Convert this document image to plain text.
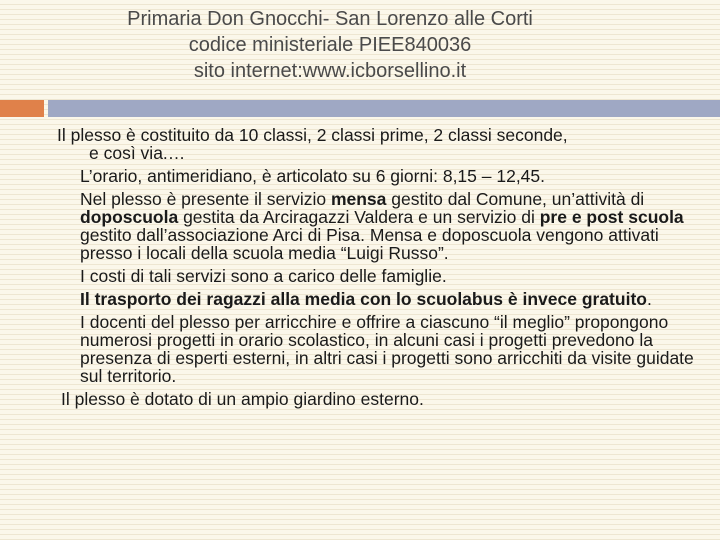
Primaria Don Gnocchi- San Lorenzo alle Corti
codice ministeriale PIEE840036
sito internet:www.icborsellino.it
Il plesso è costituito da 10 classi, 2 classi prime, 2 classi seconde,
e così via.…
L’orario, antimeridiano, è articolato su 6 giorni: 8,15 – 12,45.
Nel plesso è presente il servizio mensa gestito dal Comune, un’attività di doposcuola gestita da Arciragazzi Valdera e un servizio di pre e post scuola gestito dall’associazione Arci di Pisa. Mensa e doposcuola vengono attivati presso i locali della scuola media “Luigi Russo”.
I costi di tali servizi sono a carico delle famiglie.
Il trasporto dei ragazzi alla media con lo scuolabus è invece gratuito.
I docenti del plesso per arricchire e offrire a ciascuno “il meglio” propongono numerosi progetti in orario scolastico, in alcuni casi i progetti prevedono la presenza di esperti esterni, in altri casi i progetti sono arricchiti da visite guidate sul territorio.
Il plesso è dotato di un ampio giardino esterno.
